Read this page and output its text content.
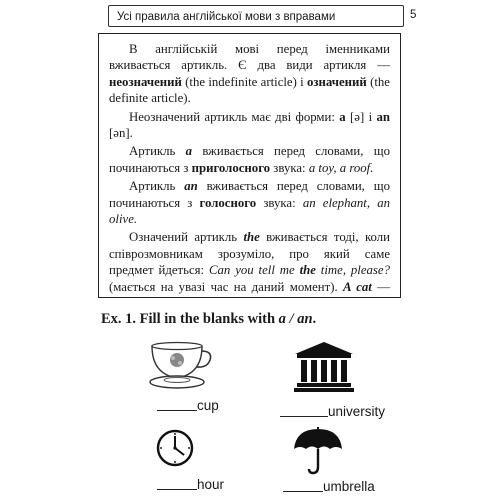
Усі правила англійської мови з вправами	5

В англійській мові перед іменниками вживається артикль. Є два види артикля — неозначений (the indefinite article) і означений (the definite article).

Неозначений артикль має дві форми: a [ə] і an [ən].

Артикль a вживається перед словами, що починаються з приголосного звука: a toy, a roof.

Артикль an вживається перед словами, що починаються з голосного звука: an elephant, an olive.

Означений артикль the вживається тоді, коли співрозмовникам зрозуміло, про який саме предмет йдеться: Can you tell me the time, please? (маєтьcя на увазі час на даний момент). A cat —

Ex. 1. Fill in the blanks with a / an.
cup	university
hour	umbrella
